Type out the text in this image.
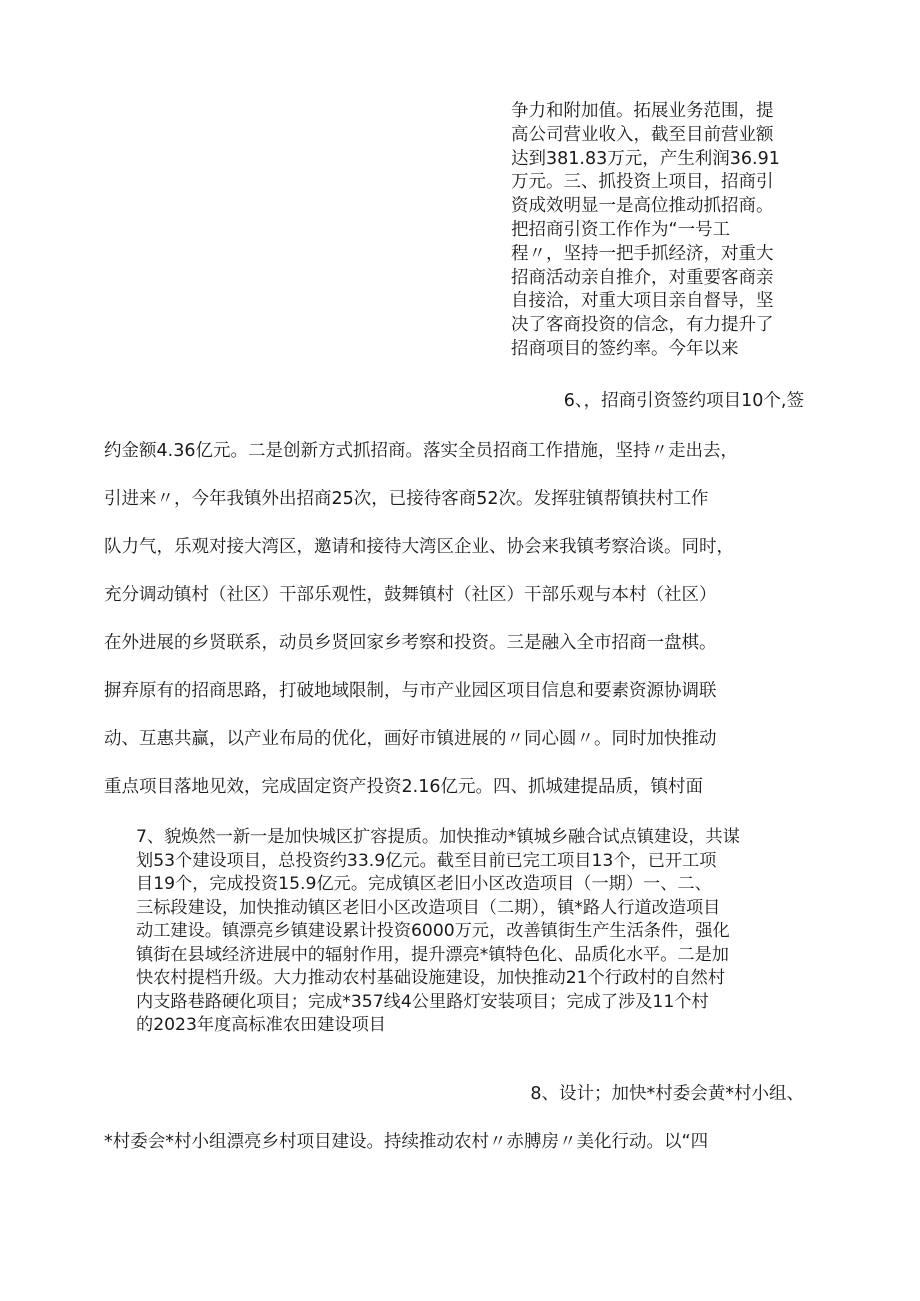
争力和附加值。拓展业务范围，提
高公司营业收入，截至目前营业额
达到381.83万元，产生利润36.91
万元。三、抓投资上项目，招商引
资成效明显一是高位推动抓招商。
把招商引资工作作为“一号工
程〃，坚持一把手抓经济，对重大
招商活动亲自推介，对重要客商亲
自接洽，对重大项目亲自督导，坚
决了客商投资的信念，有力提升了
招商项目的签约率。今年以来
6、，招商引资签约项目10个,签
约金额4.36亿元。二是创新方式抓招商。落实全员招商工作措施，坚持〃走出去，
引进来〃，今年我镇外出招商25次，已接待客商52次。发挥驻镇帮镇扶村工作
队力气，乐观对接大湾区，邀请和接待大湾区企业、协会来我镇考察洽谈。同时，
充分调动镇村（社区）干部乐观性，鼓舞镇村（社区）干部乐观与本村（社区）
在外进展的乡贤联系，动员乡贤回家乡考察和投资。三是融入全市招商一盘棋。
摒弃原有的招商思路，打破地域限制，与市产业园区项目信息和要素资源协调联
动、互惠共赢，以产业布局的优化，画好市镇进展的〃同心圆〃。同时加快推动
重点项目落地见效，完成固定资产投资2.16亿元。四、抓城建提品质，镇村面
7、貌焕然一新一是加快城区扩容提质。加快推动*镇城乡融合试点镇建设，共谋
划53个建设项目，总投资约33.9亿元。截至目前已完工项目13个，已开工项
目19个，完成投资15.9亿元。完成镇区老旧小区改造项目（一期）一、二、
三标段建设，加快推动镇区老旧小区改造项目（二期），镇*路人行道改造项目
动工建设。镇漂亮乡镇建设累计投资6000万元，改善镇街生产生活条件，强化
镇街在县域经济进展中的辐射作用，提升漂亮*镇特色化、品质化水平。二是加
快农村提档升级。大力推动农村基础设施建设，加快推动21个行政村的自然村
内支路巷路硬化项目；完成*357线4公里路灯安装项目；完成了涉及11个村
的2023年度高标准农田建设项目
8、设计；加快*村委会黄*村小组、
*村委会*村小组漂亮乡村项目建设。持续推动农村〃赤膊房〃美化行动。以“四
